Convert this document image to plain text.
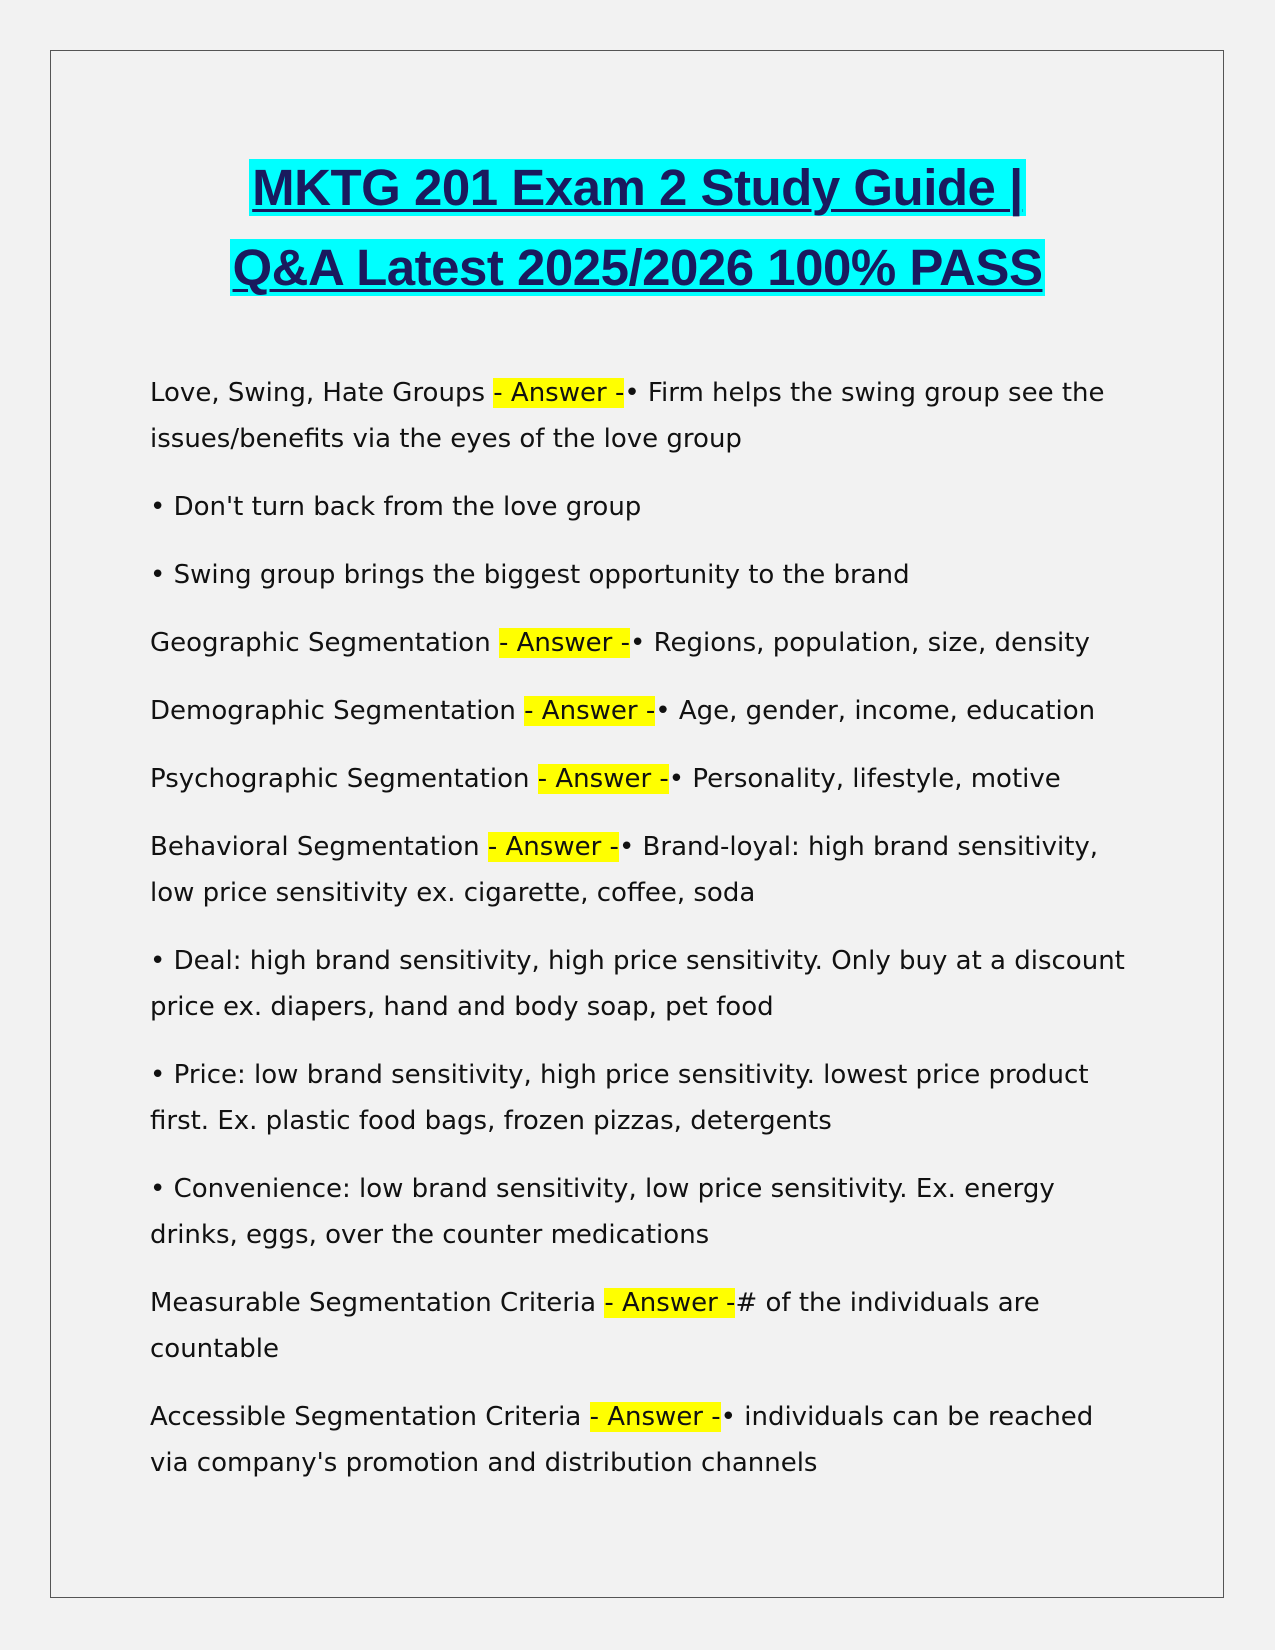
MKTG 201 Exam 2 Study Guide |
Q&A Latest 2025/2026 100% PASS

Love, Swing, Hate Groups - Answer -• Firm helps the swing group see the issues/benefits via the eyes of the love group

• Don't turn back from the love group

• Swing group brings the biggest opportunity to the brand

Geographic Segmentation - Answer -• Regions, population, size, density

Demographic Segmentation - Answer -• Age, gender, income, education

Psychographic Segmentation - Answer -• Personality, lifestyle, motive

Behavioral Segmentation - Answer -• Brand-loyal: high brand sensitivity, low price sensitivity ex. cigarette, coffee, soda

• Deal: high brand sensitivity, high price sensitivity. Only buy at a discount price ex. diapers, hand and body soap, pet food

• Price: low brand sensitivity, high price sensitivity. lowest price product first. Ex. plastic food bags, frozen pizzas, detergents

• Convenience: low brand sensitivity, low price sensitivity. Ex. energy drinks, eggs, over the counter medications

Measurable Segmentation Criteria - Answer -# of the individuals are countable

Accessible Segmentation Criteria - Answer -• individuals can be reached via company's promotion and distribution channels
